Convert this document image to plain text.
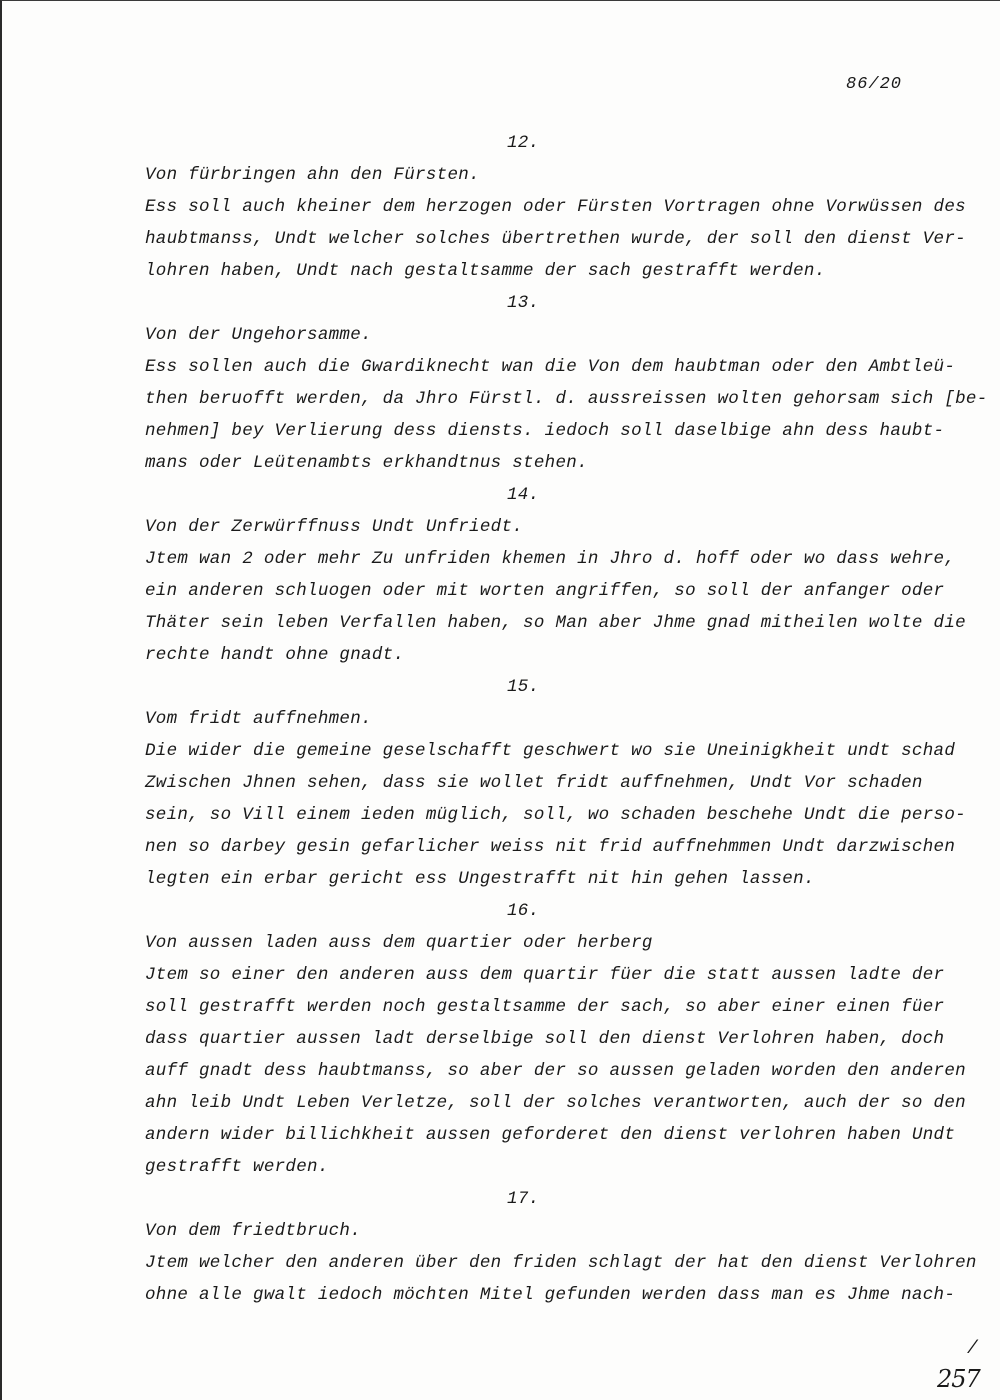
86/20
12.
Von fürbringen ahn den Fürsten.
Ess soll auch kheiner dem herzogen oder Fürsten Vortragen ohne Vorwüssen des
haubtmanss, Undt welcher solches übertrethen wurde, der soll den dienst Ver-
lohren haben, Undt nach gestaltsamme der sach gestrafft werden.
13.
Von der Ungehorsamme.
Ess sollen auch die Gwardiknecht wan die Von dem haubtman oder den Ambtleü-
then beruofft werden, da Jhro Fürstl. d. aussreissen wolten gehorsam sich [be-
nehmen] bey Verlierung dess diensts. iedoch soll daselbige ahn dess haubt-
mans oder Leütenambts erkhandtnus stehen.
14.
Von der Zerwürffnuss Undt Unfriedt.
Jtem wan 2 oder mehr Zu unfriden khemen in Jhro d. hoff oder wo dass wehre,
ein anderen schluogen oder mit worten angriffen, so soll der anfanger oder
Thäter sein leben Verfallen haben, so Man aber Jhme gnad mitheilen wolte die
rechte handt ohne gnadt.
15.
Vom fridt auffnehmen.
Die wider die gemeine geselschafft geschwert wo sie Uneinigkheit undt schad
Zwischen Jhnen sehen, dass sie wollet fridt auffnehmen, Undt Vor schaden
sein, so Vill einem ieden müglich, soll, wo schaden beschehe Undt die perso-
nen so darbey gesin gefarlicher weiss nit frid auffnehmmen Undt darzwischen
legten ein erbar gericht ess Ungestrafft nit hin gehen lassen.
16.
Von aussen laden auss dem quartier oder herberg
Jtem so einer den anderen auss dem quartir füer die statt aussen ladte der
soll gestrafft werden noch gestaltsamme der sach, so aber einer einen füer
dass quartier aussen ladt derselbige soll den dienst Verlohren haben, doch
auff gnadt dess haubtmanss, so aber der so aussen geladen worden den anderen
ahn leib Undt Leben Verletze, soll der solches verantworten, auch der so den
andern wider billichkheit aussen geforderet den dienst verlohren haben Undt
gestrafft werden.
17.
Von dem friedtbruch.
Jtem welcher den anderen über den friden schlagt der hat den dienst Verlohren
ohne alle gwalt iedoch möchten Mitel gefunden werden dass man es Jhme nach-
/
257
